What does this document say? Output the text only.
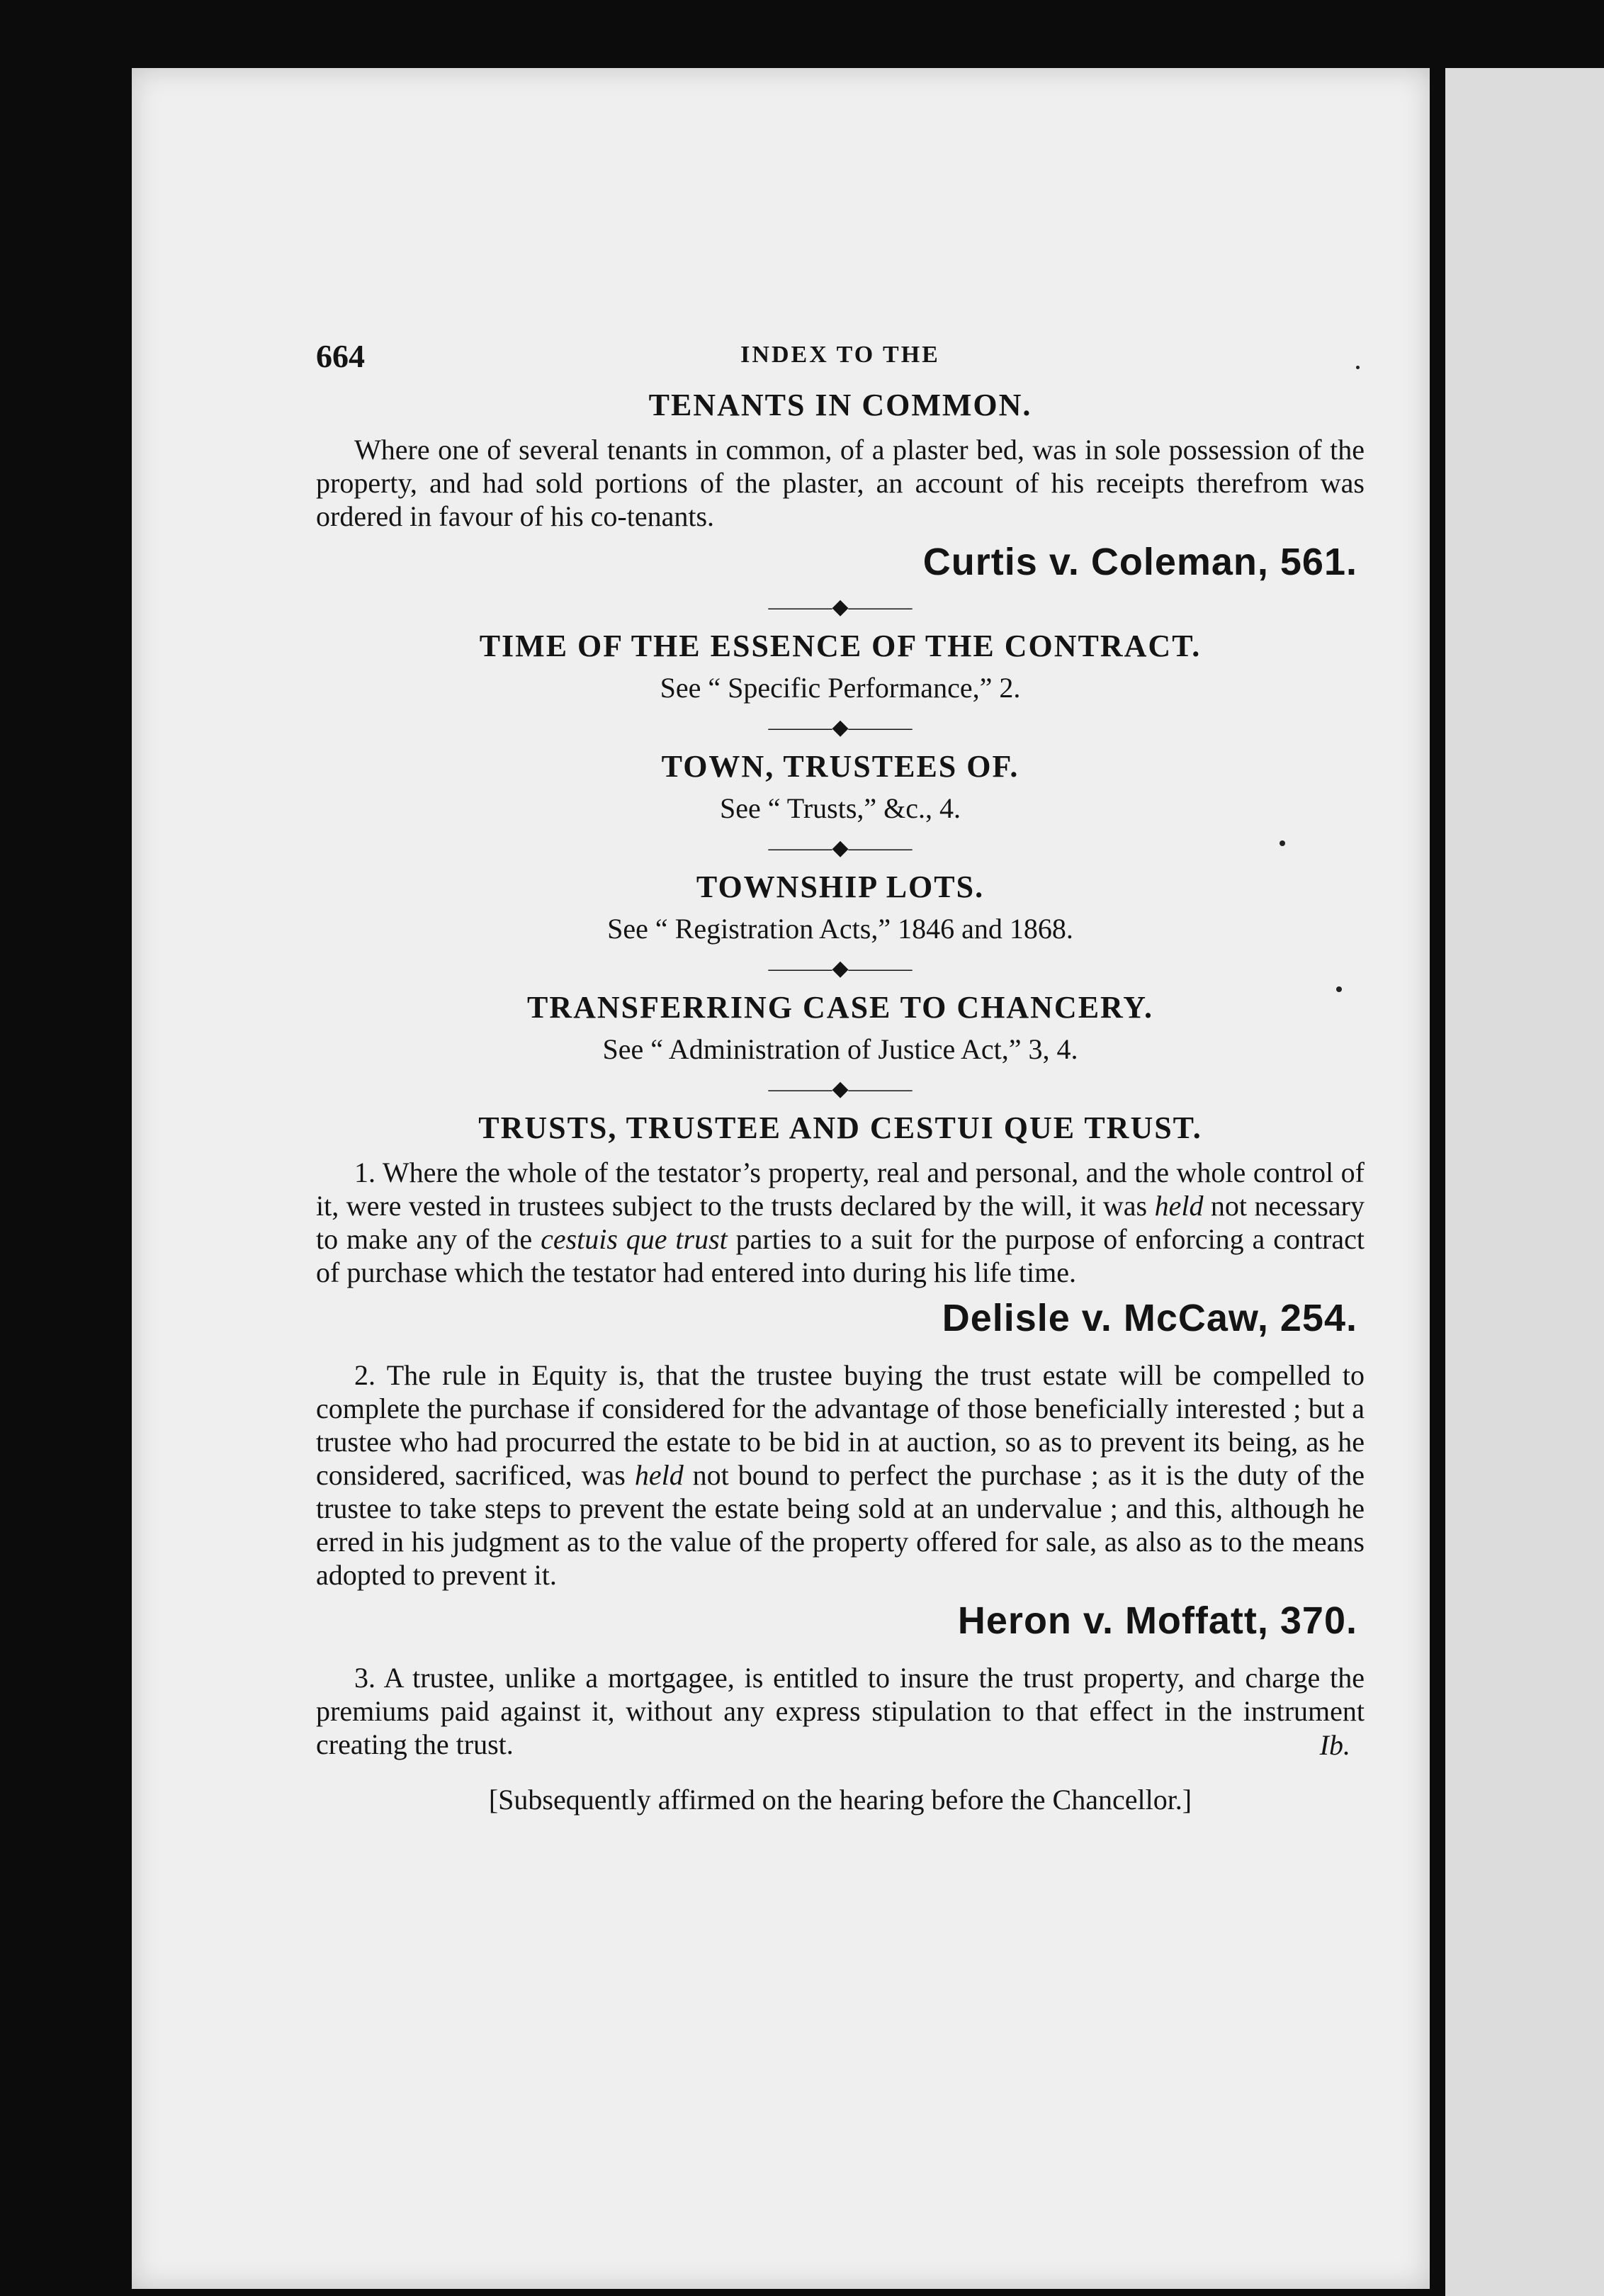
664	INDEX TO THE
TENANTS IN COMMON.

Where one of several tenants in common, of a plaster bed, was in sole possession of the property, and had sold portions of the plaster, an account of his receipts therefrom was ordered in favour of his co-tenants.

Curtis v. Coleman, 561.
———◆———
TIME OF THE ESSENCE OF THE CONTRACT.

See “ Specific Performance,” 2.

———◆———
TOWN, TRUSTEES OF.

See “ Trusts,” &c., 4.

———◆———
TOWNSHIP LOTS.

See “ Registration Acts,” 1846 and 1868.

———◆———
TRANSFERRING CASE TO CHANCERY.

See “ Administration of Justice Act,” 3, 4.

———◆———
TRUSTS, TRUSTEE AND CESTUI QUE TRUST.

1. Where the whole of the testator’s property, real and personal, and the whole control of it, were vested in trustees subject to the trusts declared by the will, it was held not necessary to make any of the cestuis que trust parties to a suit for the purpose of enforcing a contract of purchase which the testator had entered into during his life time.

Delisle v. McCaw, 254.

2. The rule in Equity is, that the trustee buying the trust estate will be compelled to complete the purchase if considered for the advantage of those beneficially interested ; but a trustee who had procurred the estate to be bid in at auction, so as to prevent its being, as he considered, sacrificed, was held not bound to perfect the purchase ; as it is the duty of the trustee to take steps to prevent the estate being sold at an undervalue ; and this, although he erred in his judgment as to the value of the property offered for sale, as also as to the means adopted to prevent it.

Heron v. Moffatt, 370.

3. A trustee, unlike a mortgagee, is entitled to insure the trust property, and charge the premiums paid against it, without any express stipulation to that effect in the instrument creating the trust.	Ib.

[Subsequently affirmed on the hearing before the Chancellor.]
